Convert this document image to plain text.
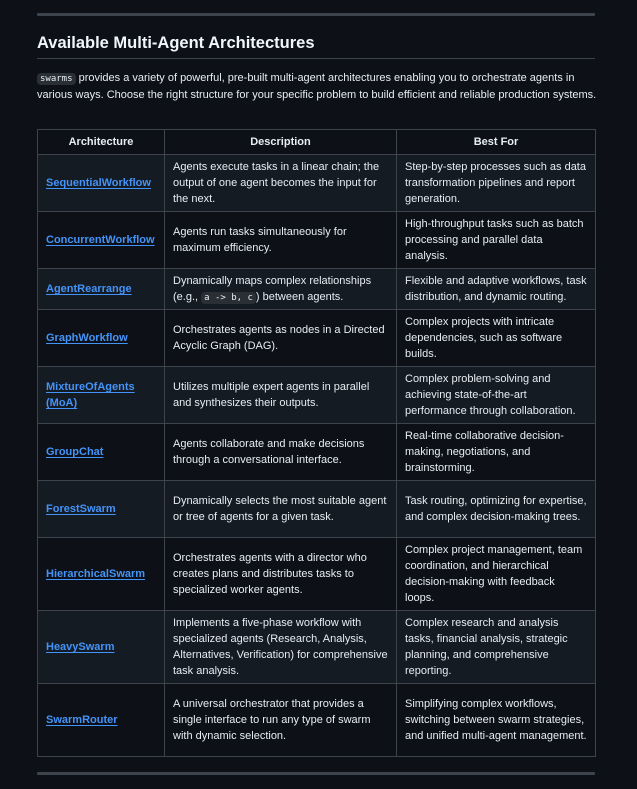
Available Multi-Agent Architectures

swarms provides a variety of powerful, pre-built multi-agent architectures enabling you to orchestrate agents in various ways. Choose the right structure for your specific problem to build efficient and reliable production systems.

Architecture	Description	Best For
SequentialWorkflow	Agents execute tasks in a linear chain; the output of one agent becomes the input for the next.	Step-by-step processes such as data transformation pipelines and report generation.
ConcurrentWorkflow	Agents run tasks simultaneously for maximum efficiency.	High-throughput tasks such as batch processing and parallel data analysis.
AgentRearrange	Dynamically maps complex relationships (e.g., a -> b, c ) between agents.	Flexible and adaptive workflows, task distribution, and dynamic routing.
GraphWorkflow	Orchestrates agents as nodes in a Directed Acyclic Graph (DAG).	Complex projects with intricate dependencies, such as software builds.
MixtureOfAgents (MoA)	Utilizes multiple expert agents in parallel and synthesizes their outputs.	Complex problem-solving and achieving state-of-the-art performance through collaboration.
GroupChat	Agents collaborate and make decisions through a conversational interface.	Real-time collaborative decision-making, negotiations, and brainstorming.
ForestSwarm	Dynamically selects the most suitable agent or tree of agents for a given task.	Task routing, optimizing for expertise, and complex decision-making trees.
HierarchicalSwarm	Orchestrates agents with a director who creates plans and distributes tasks to specialized worker agents.	Complex project management, team coordination, and hierarchical decision-making with feedback loops.
HeavySwarm	Implements a five-phase workflow with specialized agents (Research, Analysis, Alternatives, Verification) for comprehensive task analysis.	Complex research and analysis tasks, financial analysis, strategic planning, and comprehensive reporting.
SwarmRouter	A universal orchestrator that provides a single interface to run any type of swarm with dynamic selection.	Simplifying complex workflows, switching between swarm strategies, and unified multi-agent management.
